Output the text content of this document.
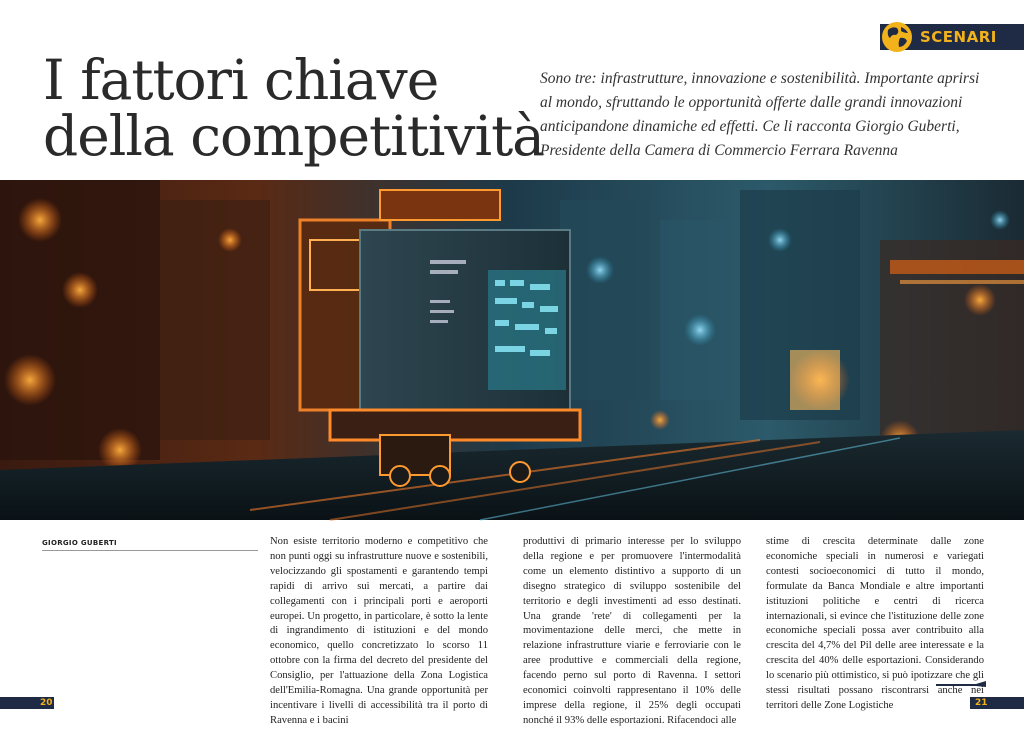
SCENARI
I fattori chiave
della competitività
Sono tre: infrastrutture, innovazione e sostenibilità. Importante aprirsi al mondo, sfruttando le opportunità offerte dalle grandi innovazioni anticipandone dinamiche ed effetti. Ce li racconta Giorgio Guberti, Presidente della Camera di Commercio Ferrara Ravenna
GIORGIO GUBERTI	Non esiste territorio moderno e competitivo che non punti oggi su infrastrutture nuove e sostenibili, velocizzando gli spostamenti e garantendo tempi rapidi di arrivo sui mercati, a partire dai collegamenti con i principali porti e aeroporti europei. Un progetto, in particolare, è sotto la lente di ingrandimento di istituzioni e del mondo economico, quello concretizzato lo scorso 11 ottobre con la firma del decreto del presidente del Consiglio, per l'attuazione della Zona Logistica dell'Emilia-Romagna. Una grande opportunità per incentivare i livelli di accessibilità tra il porto di Ravenna e i bacini
produttivi di primario interesse per lo sviluppo della regione e per promuovere l'intermodalità come un elemento distintivo a supporto di un disegno strategico di sviluppo sostenibile del territorio e degli investimenti ad esso destinati. Una grande 'rete' di collegamenti per la movimentazione delle merci, che mette in relazione infrastrutture viarie e ferroviarie con le aree produttive e commerciali della regione, facendo perno sul porto di Ravenna. I settori economici coinvolti rappresentano il 10% delle imprese della regione, il 25% degli occupati nonché il 93% delle esportazioni. Rifacendoci alle
stime di crescita determinate dalle zone economiche speciali in numerosi e variegati contesti socioeconomici di tutto il mondo, formulate da Banca Mondiale e altre importanti istituzioni politiche e centri di ricerca internazionali, si evince che l'istituzione delle zone economiche speciali possa aver contribuito alla crescita del 4,7% del Pil delle aree interessate e la crescita del 40% delle esportazioni. Considerando lo scenario più ottimistico, si può ipotizzare che gli stessi risultati possano riscontrarsi anche nei territori delle Zone Logistiche
20	21
